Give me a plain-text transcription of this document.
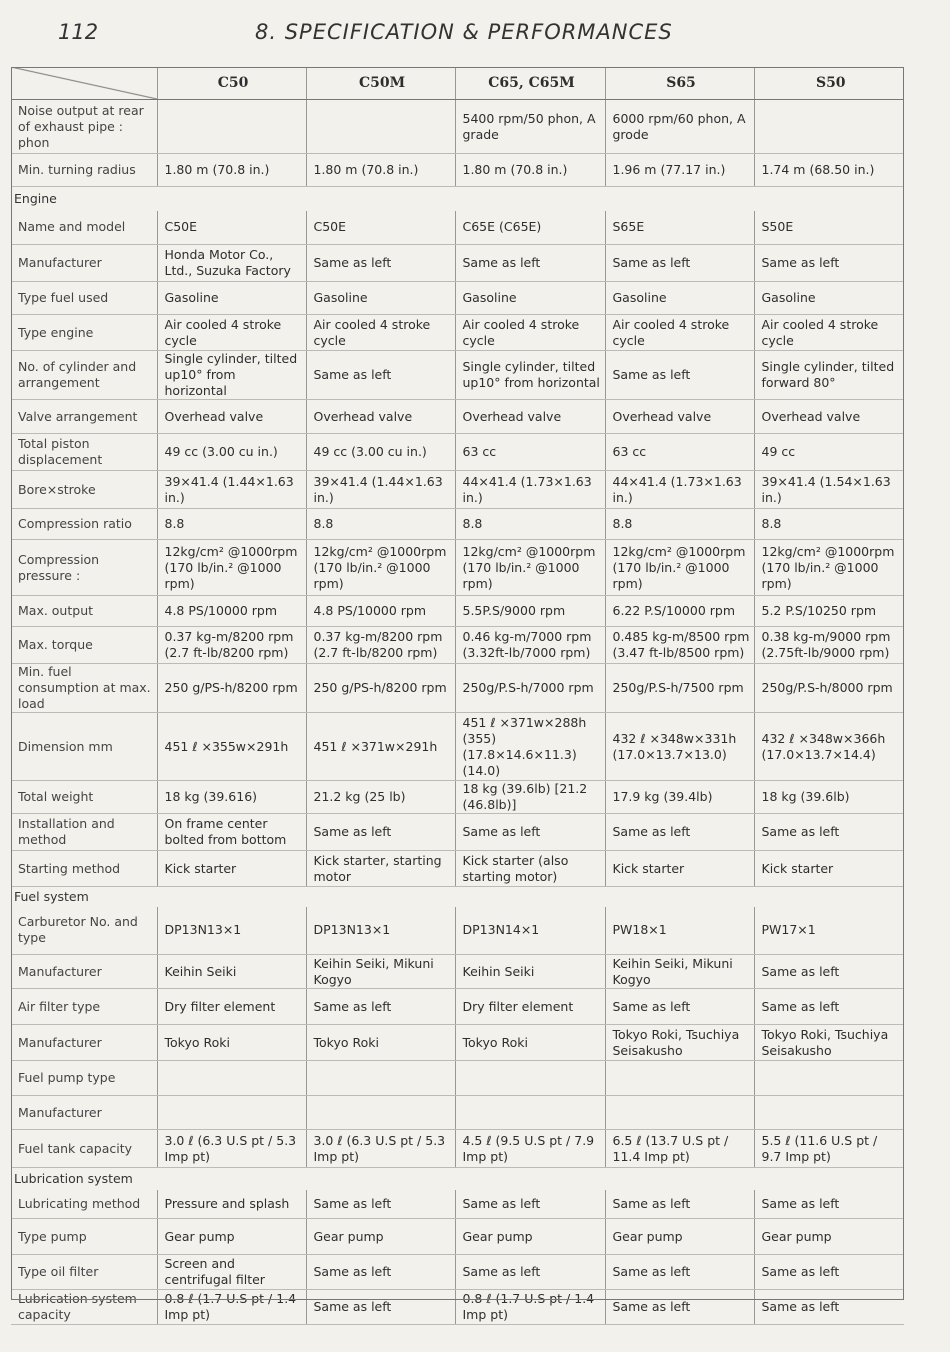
112	8. SPECIFICATION & PERFORMANCES
	C50	C50M	C65, C65M	S65	S50
Noise output at rear of exhaust pipe : phon			5400 rpm/50 phon, A grade	6000 rpm/60 phon, A grode	
Min. turning radius	1.80 m (70.8 in.)	1.80 m (70.8 in.)	1.80 m (70.8 in.)	1.96 m (77.17 in.)	1.74 m (68.50 in.)
Engine					
Name and model	C50E	C50E	C65E (C65E)	S65E	S50E
Manufacturer	Honda Motor Co., Ltd., Suzuka Factory	Same as left	Same as left	Same as left	Same as left
Type fuel used	Gasoline	Gasoline	Gasoline	Gasoline	Gasoline
Type engine	Air cooled 4 stroke cycle	Air cooled 4 stroke cycle	Air cooled 4 stroke cycle	Air cooled 4 stroke cycle	Air cooled 4 stroke cycle
No. of cylinder and arrangement	Single cylinder, tilted up10° from horizontal	Same as left	Single cylinder, tilted up10° from horizontal	Same as left	Single cylinder, tilted forward 80°
Valve arrangement	Overhead valve	Overhead valve	Overhead valve	Overhead valve	Overhead valve
Total piston displacement	49 cc (3.00 cu in.)	49 cc (3.00 cu in.)	63 cc	63 cc	49 cc
Bore×stroke	39×41.4 (1.44×1.63 in.)	39×41.4 (1.44×1.63 in.)	44×41.4 (1.73×1.63 in.)	44×41.4 (1.73×1.63 in.)	39×41.4 (1.54×1.63 in.)
Compression ratio	8.8	8.8	8.8	8.8	8.8
Compression pressure :	12kg/cm² @1000rpm (170 lb/in.² @1000 rpm)	12kg/cm² @1000rpm (170 lb/in.² @1000 rpm)	12kg/cm² @1000rpm (170 lb/in.² @1000 rpm)	12kg/cm² @1000rpm (170 lb/in.² @1000 rpm)	12kg/cm² @1000rpm (170 lb/in.² @1000 rpm)
Max. output	4.8 PS/10000 rpm	4.8 PS/10000 rpm	5.5P.S/9000 rpm	6.22 P.S/10000 rpm	5.2 P.S/10250 rpm
Max. torque	0.37 kg-m/8200 rpm (2.7 ft-lb/8200 rpm)	0.37 kg-m/8200 rpm (2.7 ft-lb/8200 rpm)	0.46 kg-m/7000 rpm (3.32ft-lb/7000 rpm)	0.485 kg-m/8500 rpm (3.47 ft-lb/8500 rpm)	0.38 kg-m/9000 rpm (2.75ft-lb/9000 rpm)
Min. fuel consumption at max. load	250 g/PS-h/8200 rpm	250 g/PS-h/8200 rpm	250g/P.S-h/7000 rpm	250g/P.S-h/7500 rpm	250g/P.S-h/8000 rpm
Dimension mm	451 ℓ ×355w×291h	451 ℓ ×371w×291h	451 ℓ ×371w×288h (355) (17.8×14.6×11.3) (14.0)	432 ℓ ×348w×331h (17.0×13.7×13.0)	432 ℓ ×348w×366h (17.0×13.7×14.4)
Total weight	18 kg (39.616)	21.2 kg (25 lb)	18 kg (39.6lb) [21.2 (46.8lb)]	17.9 kg (39.4lb)	18 kg (39.6lb)
Installation and method	On frame center bolted from bottom	Same as left	Same as left	Same as left	Same as left
Starting method	Kick starter	Kick starter, starting motor	Kick starter (also starting motor)	Kick starter	Kick starter
Fuel system					
Carburetor No. and type	DP13N13×1	DP13N13×1	DP13N14×1	PW18×1	PW17×1
Manufacturer	Keihin Seiki	Keihin Seiki, Mikuni Kogyo	Keihin Seiki	Keihin Seiki, Mikuni Kogyo	Same as left
Air filter type	Dry filter element	Same as left	Dry filter element	Same as left	Same as left
Manufacturer	Tokyo Roki	Tokyo Roki	Tokyo Roki	Tokyo Roki, Tsuchiya Seisakusho	Tokyo Roki, Tsuchiya Seisakusho
Fuel pump type					
Manufacturer					
Fuel tank capacity	3.0 ℓ (6.3 U.S pt / 5.3 Imp pt)	3.0 ℓ (6.3 U.S pt / 5.3 Imp pt)	4.5 ℓ (9.5 U.S pt / 7.9 Imp pt)	6.5 ℓ (13.7 U.S pt / 11.4 Imp pt)	5.5 ℓ (11.6 U.S pt / 9.7 Imp pt)
Lubrication system					
Lubricating method	Pressure and splash	Same as left	Same as left	Same as left	Same as left
Type pump	Gear pump	Gear pump	Gear pump	Gear pump	Gear pump
Type oil filter	Screen and centrifugal filter	Same as left	Same as left	Same as left	Same as left
Lubrication system capacity	0.8 ℓ (1.7 U.S pt / 1.4 Imp pt)	Same as left	0.8 ℓ (1.7 U.S pt / 1.4 Imp pt)	Same as left	Same as left
